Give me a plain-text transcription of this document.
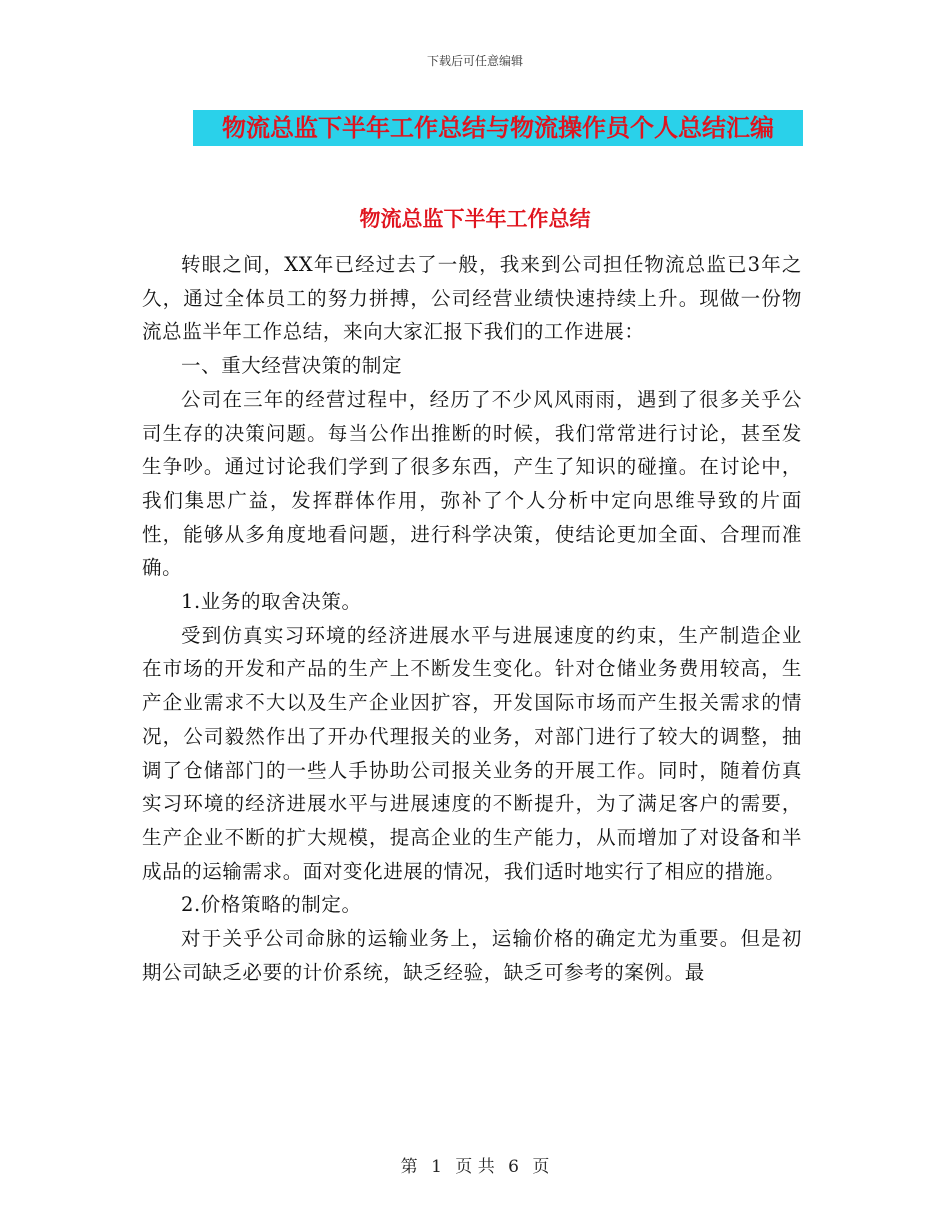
下载后可任意编辑
物流总监下半年工作总结与物流操作员个人总结汇编
物流总监下半年工作总结

转眼之间，XX年已经过去了一般，我来到公司担任物流总监已3年之久，通过全体员工的努力拼搏，公司经营业绩快速持续上升。现做一份物流总监半年工作总结，来向大家汇报下我们的工作进展：

一、重大经营决策的制定

公司在三年的经营过程中，经历了不少风风雨雨，遇到了很多关乎公司生存的决策问题。每当公作出推断的时候，我们常常进行讨论，甚至发生争吵。通过讨论我们学到了很多东西，产生了知识的碰撞。在讨论中，我们集思广益，发挥群体作用，弥补了个人分析中定向思维导致的片面性，能够从多角度地看问题，进行科学决策，使结论更加全面、合理而准确。

1.业务的取舍决策。

受到仿真实习环境的经济进展水平与进展速度的约束，生产制造企业在市场的开发和产品的生产上不断发生变化。针对仓储业务费用较高，生产企业需求不大以及生产企业因扩容，开发国际市场而产生报关需求的情况，公司毅然作出了开办代理报关的业务，对部门进行了较大的调整，抽调了仓储部门的一些人手协助公司报关业务的开展工作。同时，随着仿真实习环境的经济进展水平与进展速度的不断提升，为了满足客户的需要，生产企业不断的扩大规模，提高企业的生产能力，从而增加了对设备和半成品的运输需求。面对变化进展的情况，我们适时地实行了相应的措施。

2.价格策略的制定。

对于关乎公司命脉的运输业务上，运输价格的确定尤为重要。但是初期公司缺乏必要的计价系统，缺乏经验，缺乏可参考的案例。最

第 1 页 共 6 页
